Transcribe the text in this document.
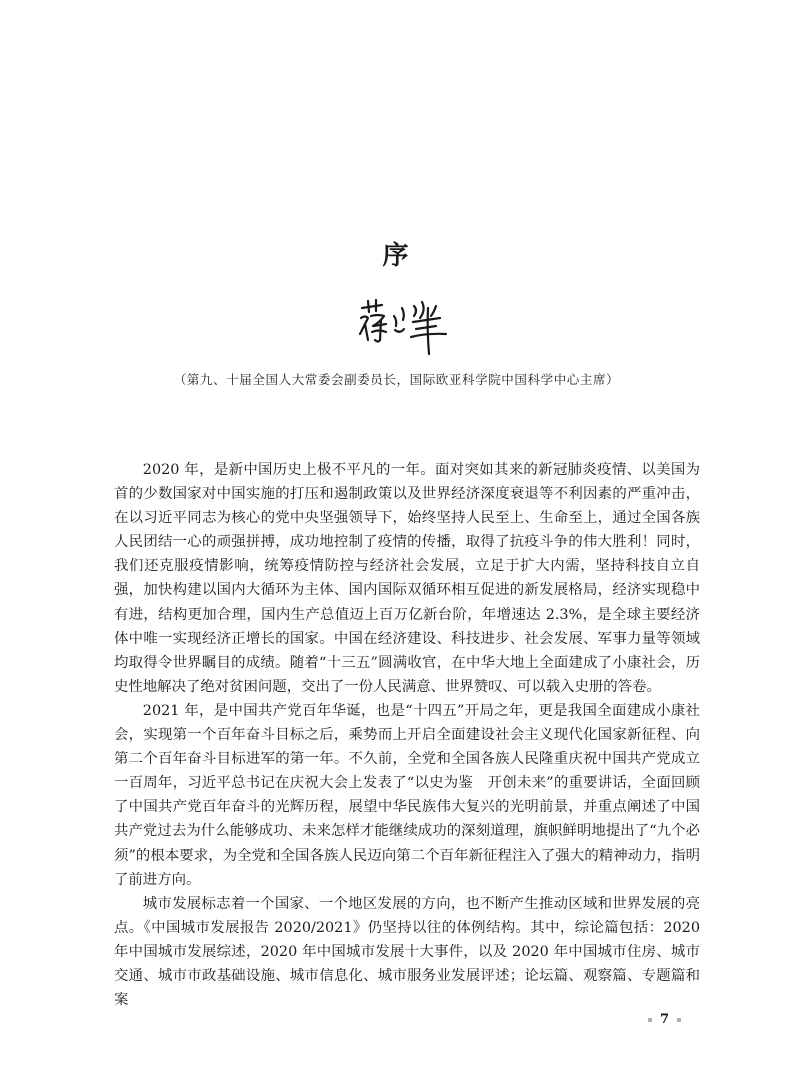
序
（第九、十届全国人大常委会副委员长，国际欧亚科学院中国科学中心主席）

2020 年，是新中国历史上极不平凡的一年。面对突如其来的新冠肺炎疫情、以美国为首的少数国家对中国实施的打压和遏制政策以及世界经济深度衰退等不利因素的严重冲击，在以习近平同志为核心的党中央坚强领导下，始终坚持人民至上、生命至上，通过全国各族人民团结一心的顽强拼搏，成功地控制了疫情的传播，取得了抗疫斗争的伟大胜利！同时，我们还克服疫情影响，统筹疫情防控与经济社会发展，立足于扩大内需，坚持科技自立自强，加快构建以国内大循环为主体、国内国际双循环相互促进的新发展格局，经济实现稳中有进，结构更加合理，国内生产总值迈上百万亿新台阶，年增速达 2.3%，是全球主要经济体中唯一实现经济正增长的国家。中国在经济建设、科技进步、社会发展、军事力量等领域均取得令世界瞩目的成绩。随着“十三五”圆满收官，在中华大地上全面建成了小康社会，历史性地解决了绝对贫困问题，交出了一份人民满意、世界赞叹、可以载入史册的答卷。

2021 年，是中国共产党百年华诞，也是“十四五”开局之年，更是我国全面建成小康社会，实现第一个百年奋斗目标之后，乘势而上开启全面建设社会主义现代化国家新征程、向第二个百年奋斗目标进军的第一年。不久前，全党和全国各族人民隆重庆祝中国共产党成立一百周年，习近平总书记在庆祝大会上发表了“以史为鉴　开创未来”的重要讲话，全面回顾了中国共产党百年奋斗的光辉历程，展望中华民族伟大复兴的光明前景，并重点阐述了中国共产党过去为什么能够成功、未来怎样才能继续成功的深刻道理，旗帜鲜明地提出了“九个必须”的根本要求，为全党和全国各族人民迈向第二个百年新征程注入了强大的精神动力，指明了前进方向。

城市发展标志着一个国家、一个地区发展的方向，也不断产生推动区域和世界发展的亮点。《中国城市发展报告 2020/2021》仍坚持以往的体例结构。其中，综论篇包括：2020 年中国城市发展综述，2020 年中国城市发展十大事件，以及 2020 年中国城市住房、城市交通、城市市政基础设施、城市信息化、城市服务业发展评述；论坛篇、观察篇、专题篇和案

7
